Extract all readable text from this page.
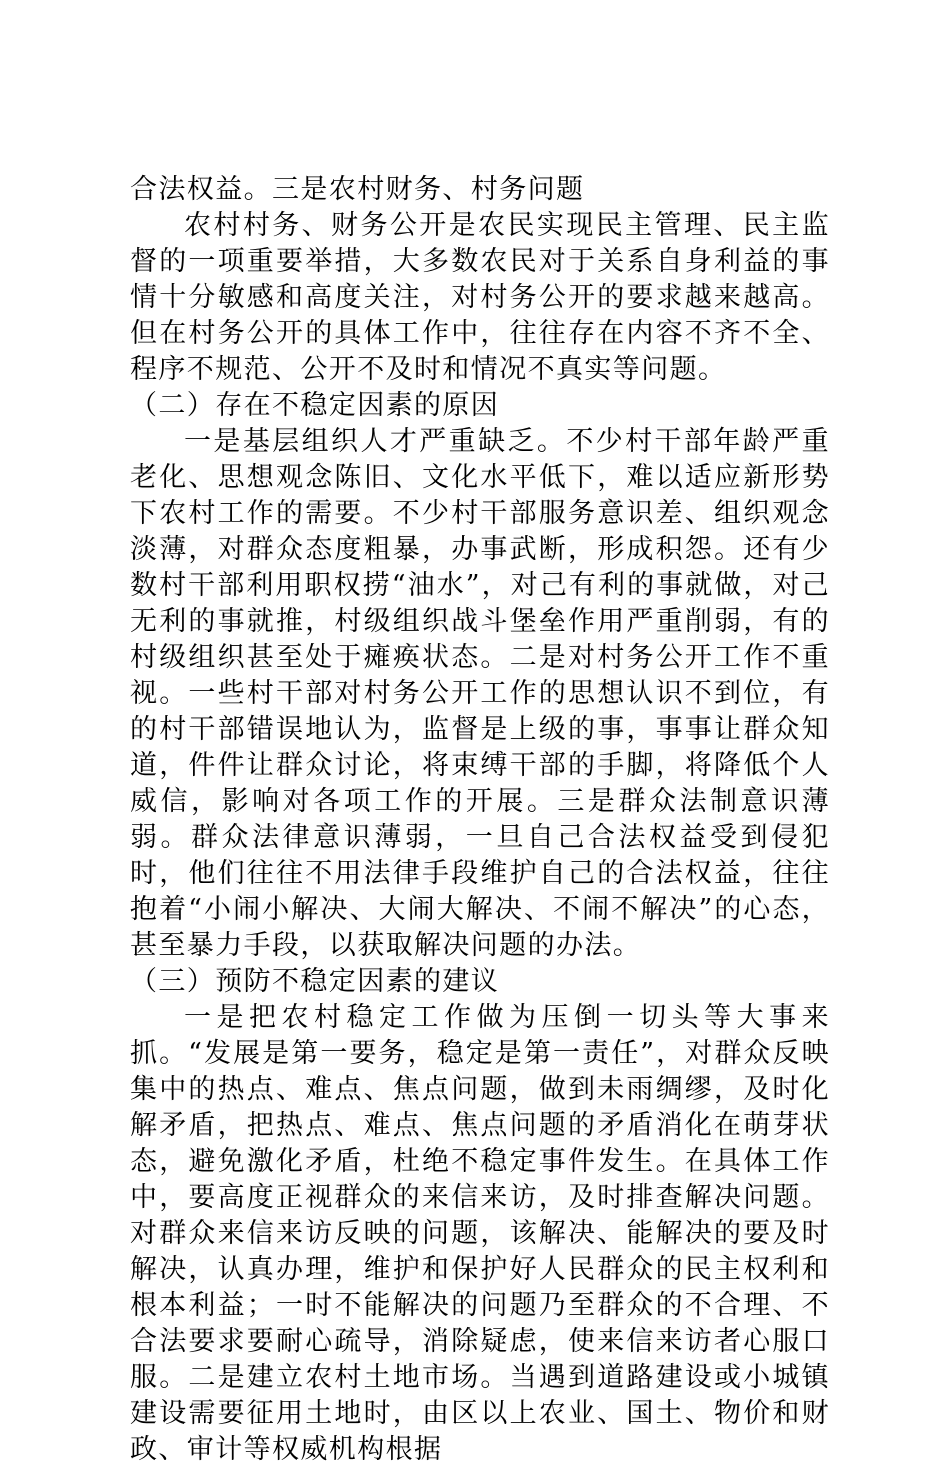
合法权益。三是农村财务、村务问题

农村村务、财务公开是农民实现民主管理、民主监督的一项重要举措，大多数农民对于关系自身利益的事情十分敏感和高度关注，对村务公开的要求越来越高。但在村务公开的具体工作中，往往存在内容不齐不全、程序不规范、公开不及时和情况不真实等问题。

（二）存在不稳定因素的原因

一是基层组织人才严重缺乏。不少村干部年龄严重老化、思想观念陈旧、文化水平低下，难以适应新形势下农村工作的需要。不少村干部服务意识差、组织观念淡薄，对群众态度粗暴，办事武断，形成积怨。还有少数村干部利用职权捞“油水”，对己有利的事就做，对己无利的事就推，村级组织战斗堡垒作用严重削弱，有的村级组织甚至处于瘫痪状态。二是对村务公开工作不重视。一些村干部对村务公开工作的思想认识不到位，有的村干部错误地认为，监督是上级的事，事事让群众知道，件件让群众讨论，将束缚干部的手脚，将降低个人威信，影响对各项工作的开展。三是群众法制意识薄弱。群众法律意识薄弱，一旦自己合法权益受到侵犯时，他们往往不用法律手段维护自己的合法权益，往往抱着“小闹小解决、大闹大解决、不闹不解决”的心态，甚至暴力手段，以获取解决问题的办法。

（三）预防不稳定因素的建议

一是把农村稳定工作做为压倒一切头等大事来抓。“发展是第一要务，稳定是第一责任”，对群众反映集中的热点、难点、焦点问题，做到未雨绸缪，及时化解矛盾，把热点、难点、焦点问题的矛盾消化在萌芽状态，避免激化矛盾，杜绝不稳定事件发生。在具体工作中，要高度正视群众的来信来访，及时排查解决问题。对群众来信来访反映的问题，该解决、能解决的要及时解决，认真办理，维护和保护好人民群众的民主权利和根本利益；一时不能解决的问题乃至群众的不合理、不合法要求要耐心疏导，消除疑虑，使来信来访者心服口服。二是建立农村土地市场。当遇到道路建设或小城镇建设需要征用土地时，由区以上农业、国土、物价和财政、审计等权威机构根据
